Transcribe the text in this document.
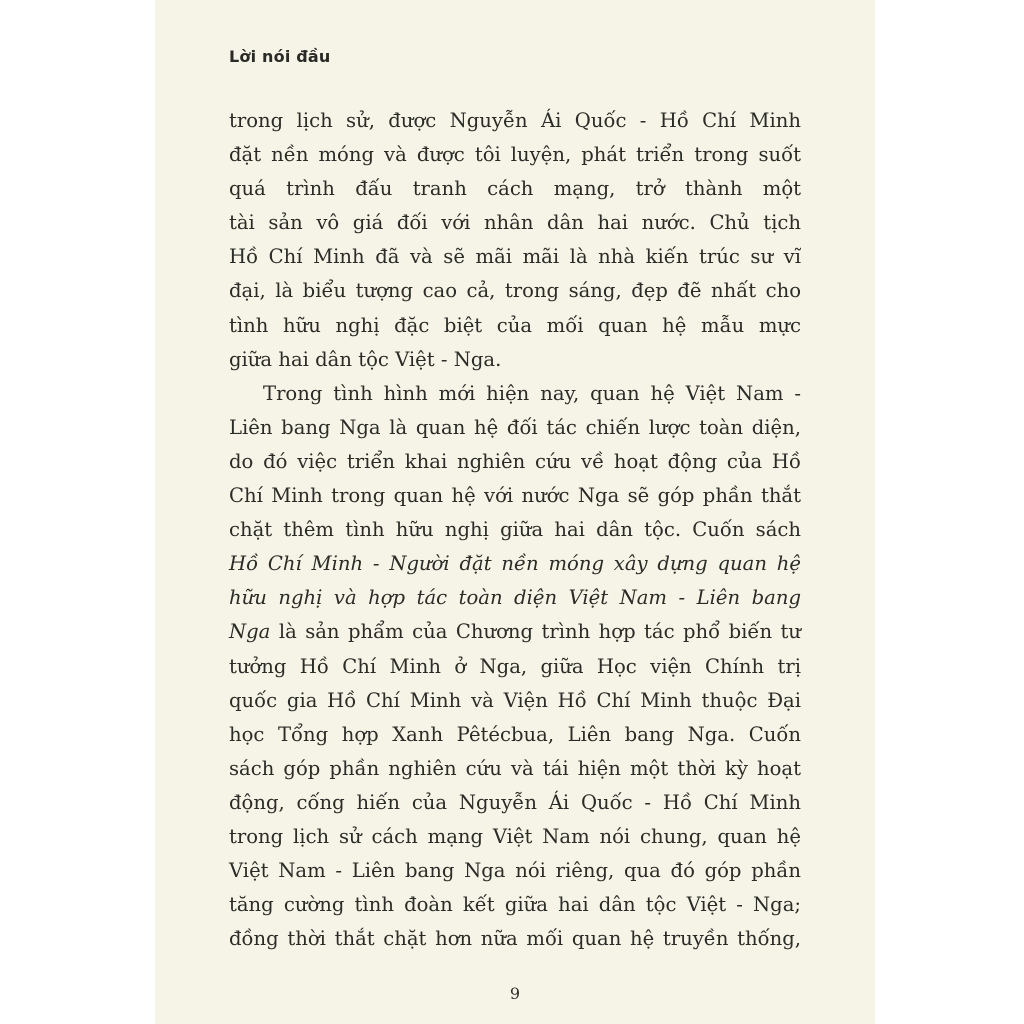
Lời nói đầu
trong lịch sử, được Nguyễn Ái Quốc - Hồ Chí Minh
đặt nền móng và được tôi luyện, phát triển trong suốt
quá trình đấu tranh cách mạng, trở thành một
tài sản vô giá đối với nhân dân hai nước. Chủ tịch
Hồ Chí Minh đã và sẽ mãi mãi là nhà kiến trúc sư vĩ
đại, là biểu tượng cao cả, trong sáng, đẹp đẽ nhất cho
tình hữu nghị đặc biệt của mối quan hệ mẫu mực
giữa hai dân tộc Việt - Nga.
Trong tình hình mới hiện nay, quan hệ Việt Nam -
Liên bang Nga là quan hệ đối tác chiến lược toàn diện,
do đó việc triển khai nghiên cứu về hoạt động của Hồ
Chí Minh trong quan hệ với nước Nga sẽ góp phần thắt
chặt thêm tình hữu nghị giữa hai dân tộc. Cuốn sách
Hồ Chí Minh - Người đặt nền móng xây dựng quan hệ
hữu nghị và hợp tác toàn diện Việt Nam - Liên bang
Nga là sản phẩm của Chương trình hợp tác phổ biến tư
tưởng Hồ Chí Minh ở Nga, giữa Học viện Chính trị
quốc gia Hồ Chí Minh và Viện Hồ Chí Minh thuộc Đại
học Tổng hợp Xanh Pêtécbua, Liên bang Nga. Cuốn
sách góp phần nghiên cứu và tái hiện một thời kỳ hoạt
động, cống hiến của Nguyễn Ái Quốc - Hồ Chí Minh
trong lịch sử cách mạng Việt Nam nói chung, quan hệ
Việt Nam - Liên bang Nga nói riêng, qua đó góp phần
tăng cường tình đoàn kết giữa hai dân tộc Việt - Nga;
đồng thời thắt chặt hơn nữa mối quan hệ truyền thống,
9
